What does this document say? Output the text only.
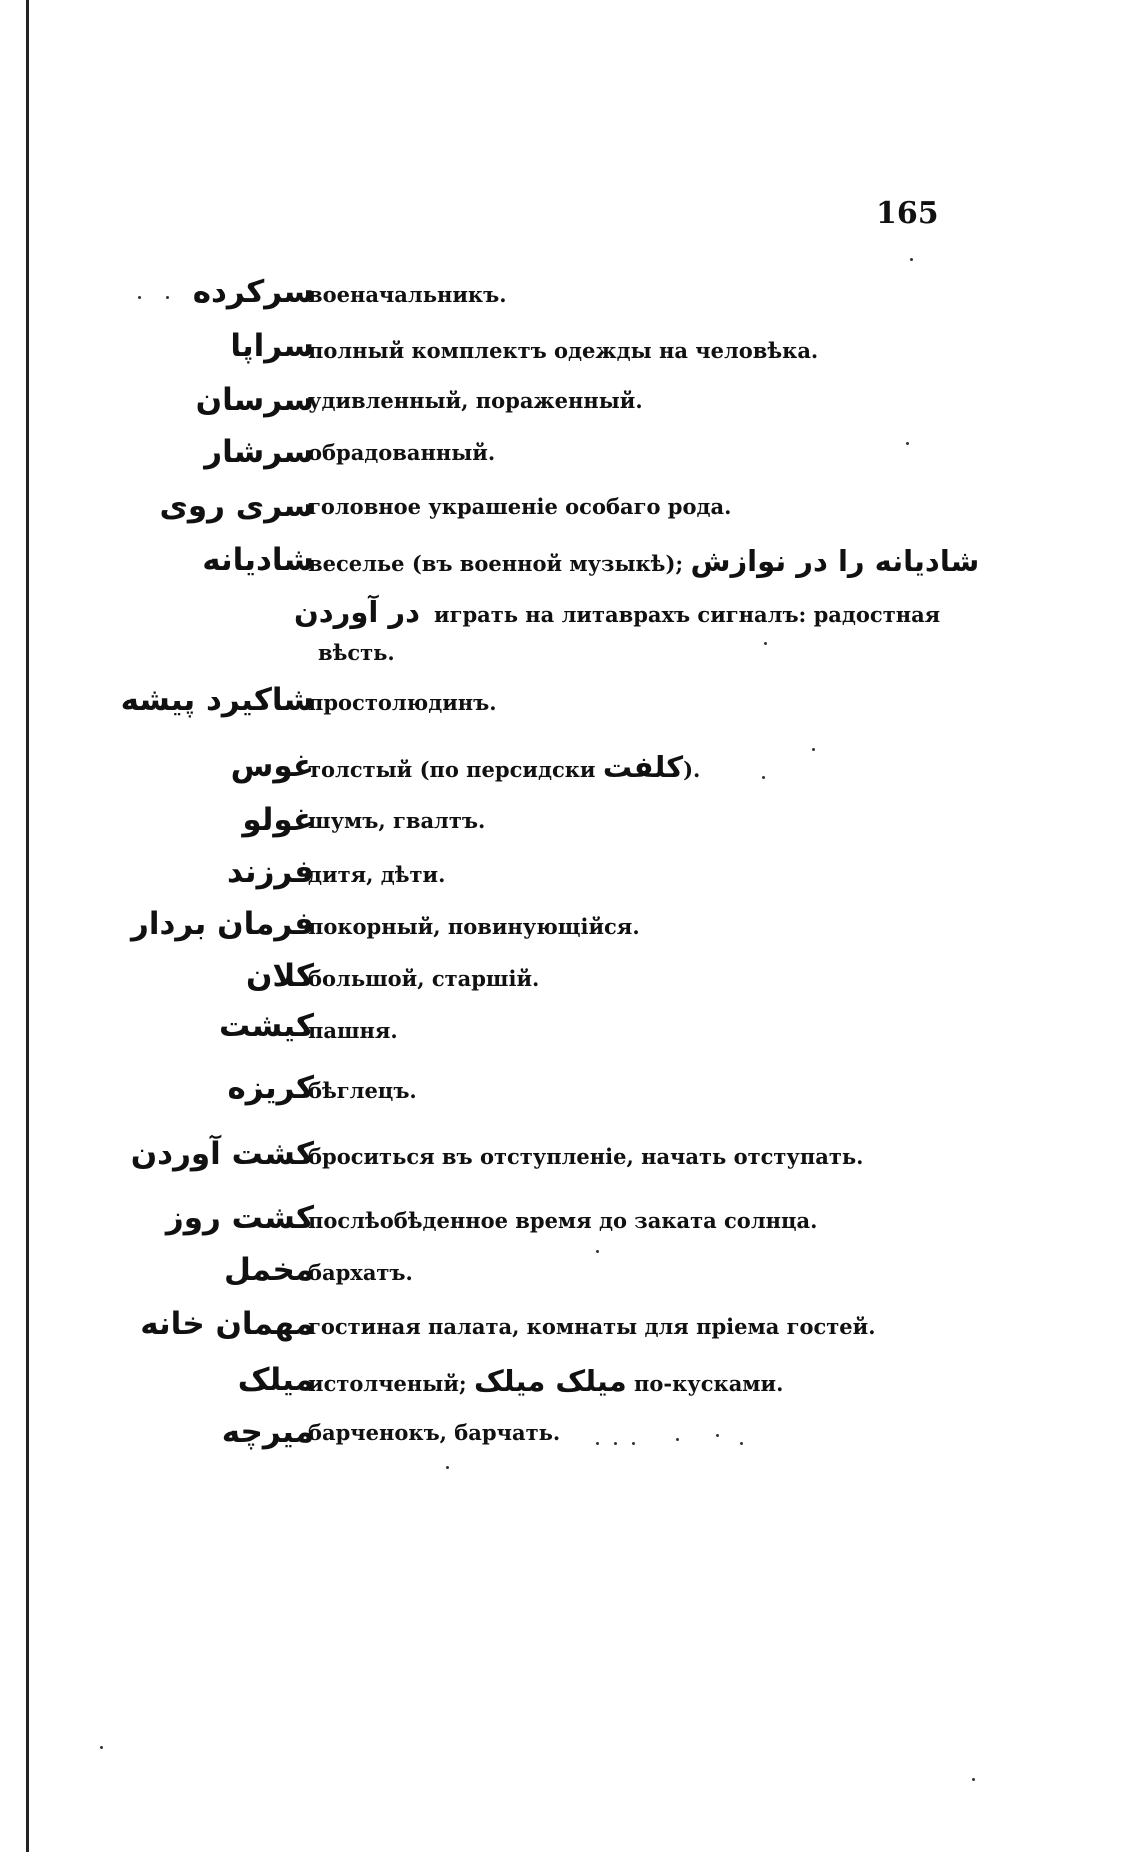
165
سرکرده
военачальникъ.
سراپا
полный комплектъ одежды на человѣка.
سرسان
удивленный, пораженный.
سرشار
обрадованный.
سری روی
головное украшеніе особаго рода.
شادیانه
веселье (въ военной музыкѣ); شادیانه را در نوازش
در آوردن играть на литаврахъ сигналъ: радостная
вѣсть.
شاکیرد پیشه
простолюдинъ.
غوس
толстый (по персидски کلفت).
غولو
шумъ, гвалтъ.
فرزند
дитя, дѣти.
فرمان بردار
покорный, повинующійся.
کلان
большой, старшій.
کیشت
пашня.
کریزه
бѣглецъ.
کشت آوردن
броситься въ отступленіе, начать отступать.
کشت روز
послѣобѣденное время до заката солнца.
مخمل
бархатъ.
مهمان خانه
гостиная палата, комнаты для пріема гостей.
میلک
истолченый; میلک میلک по-кусками.
میرچه
барченокъ, барчать.
